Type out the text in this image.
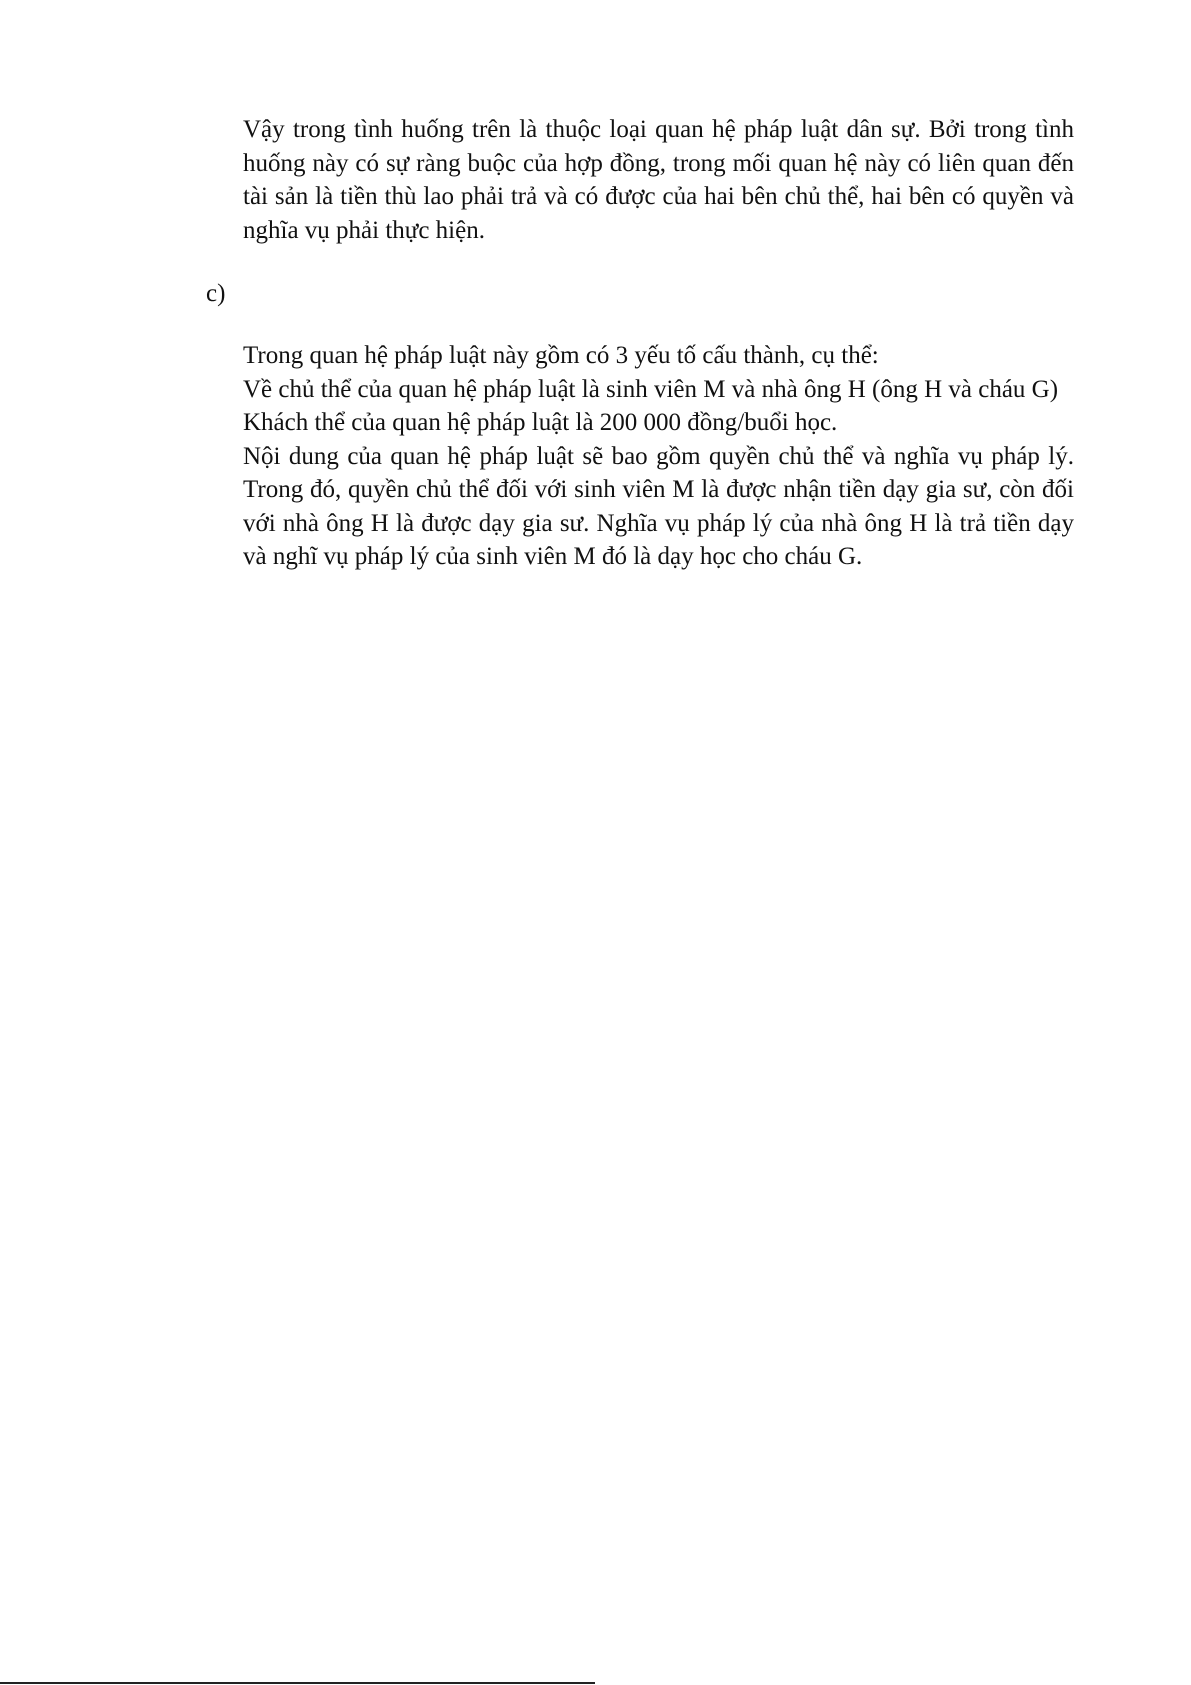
Vậy trong tình huống trên là thuộc loại quan hệ pháp luật dân sự. Bởi trong tình huống này có sự ràng buộc của hợp đồng, trong mối quan hệ này có liên quan đến tài sản là tiền thù lao phải trả và có được của hai bên chủ thể, hai bên có quyền và nghĩa vụ phải thực hiện.

c)
Trong quan hệ pháp luật này gồm có 3 yếu tố cấu thành, cụ thể:
Về chủ thể của quan hệ pháp luật là sinh viên M và nhà ông H (ông H và cháu G)
Khách thể của quan hệ pháp luật là 200 000 đồng/buổi học.
Nội dung của quan hệ pháp luật sẽ bao gồm quyền chủ thể và nghĩa vụ pháp lý. Trong đó, quyền chủ thể đối với sinh viên M là được nhận tiền dạy gia sư, còn đối với nhà ông H là được dạy gia sư. Nghĩa vụ pháp lý của nhà ông H là trả tiền dạy và nghĩ vụ pháp lý của sinh viên M đó là dạy học cho cháu G.
